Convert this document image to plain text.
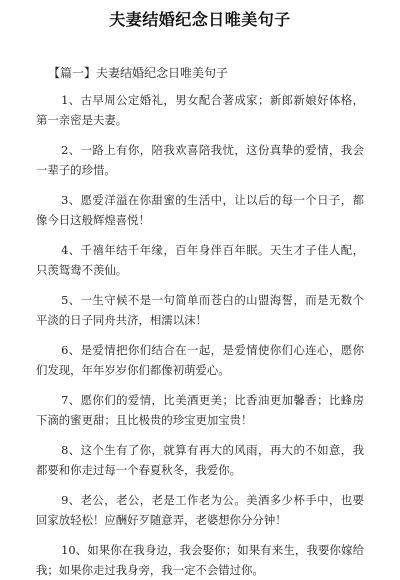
夫妻结婚纪念日唯美句子
【篇一】夫妻结婚纪念日唯美句子

1、古早周公定婚礼，男女配合著成家；新郎新娘好体格，第一亲密是夫妻。

2、一路上有你，陪我欢喜陪我忧，这份真挚的爱情，我会一辈子的珍惜。

3、愿爱洋溢在你甜蜜的生活中，让以后的每一个日子，都像今日这般辉煌喜悦！

4、千禧年结千年缘，百年身伴百年眠。天生才子佳人配，只羡鸳鸯不羡仙。

5、一生守候不是一句简单而苍白的山盟海誓，而是无数个平淡的日子同舟共济，相濡以沫！

6、是爱情把你们结合在一起，是爱情使你们心连心，愿你们发现，年年岁岁你们都像初萌爱心。

7、愿你们的爱情，比美酒更美；比香油更加馨香；比蜂房下滴的蜜更甜；且比极贵的珍宝更加宝贵！

8、这个生有了你，就算有再大的风雨，再大的不如意，我都要和你走过每一个春夏秋冬，我爱你。

9、老公，老公，老是工作老为公。美酒多少杯手中，也要回家放轻松！应酬好歹随意弄，老婆想你分分钟！

10、如果你在我身边，我会娶你；如果有来生，我要你嫁给我；如果你走过我身旁，我一定不会错过你。
